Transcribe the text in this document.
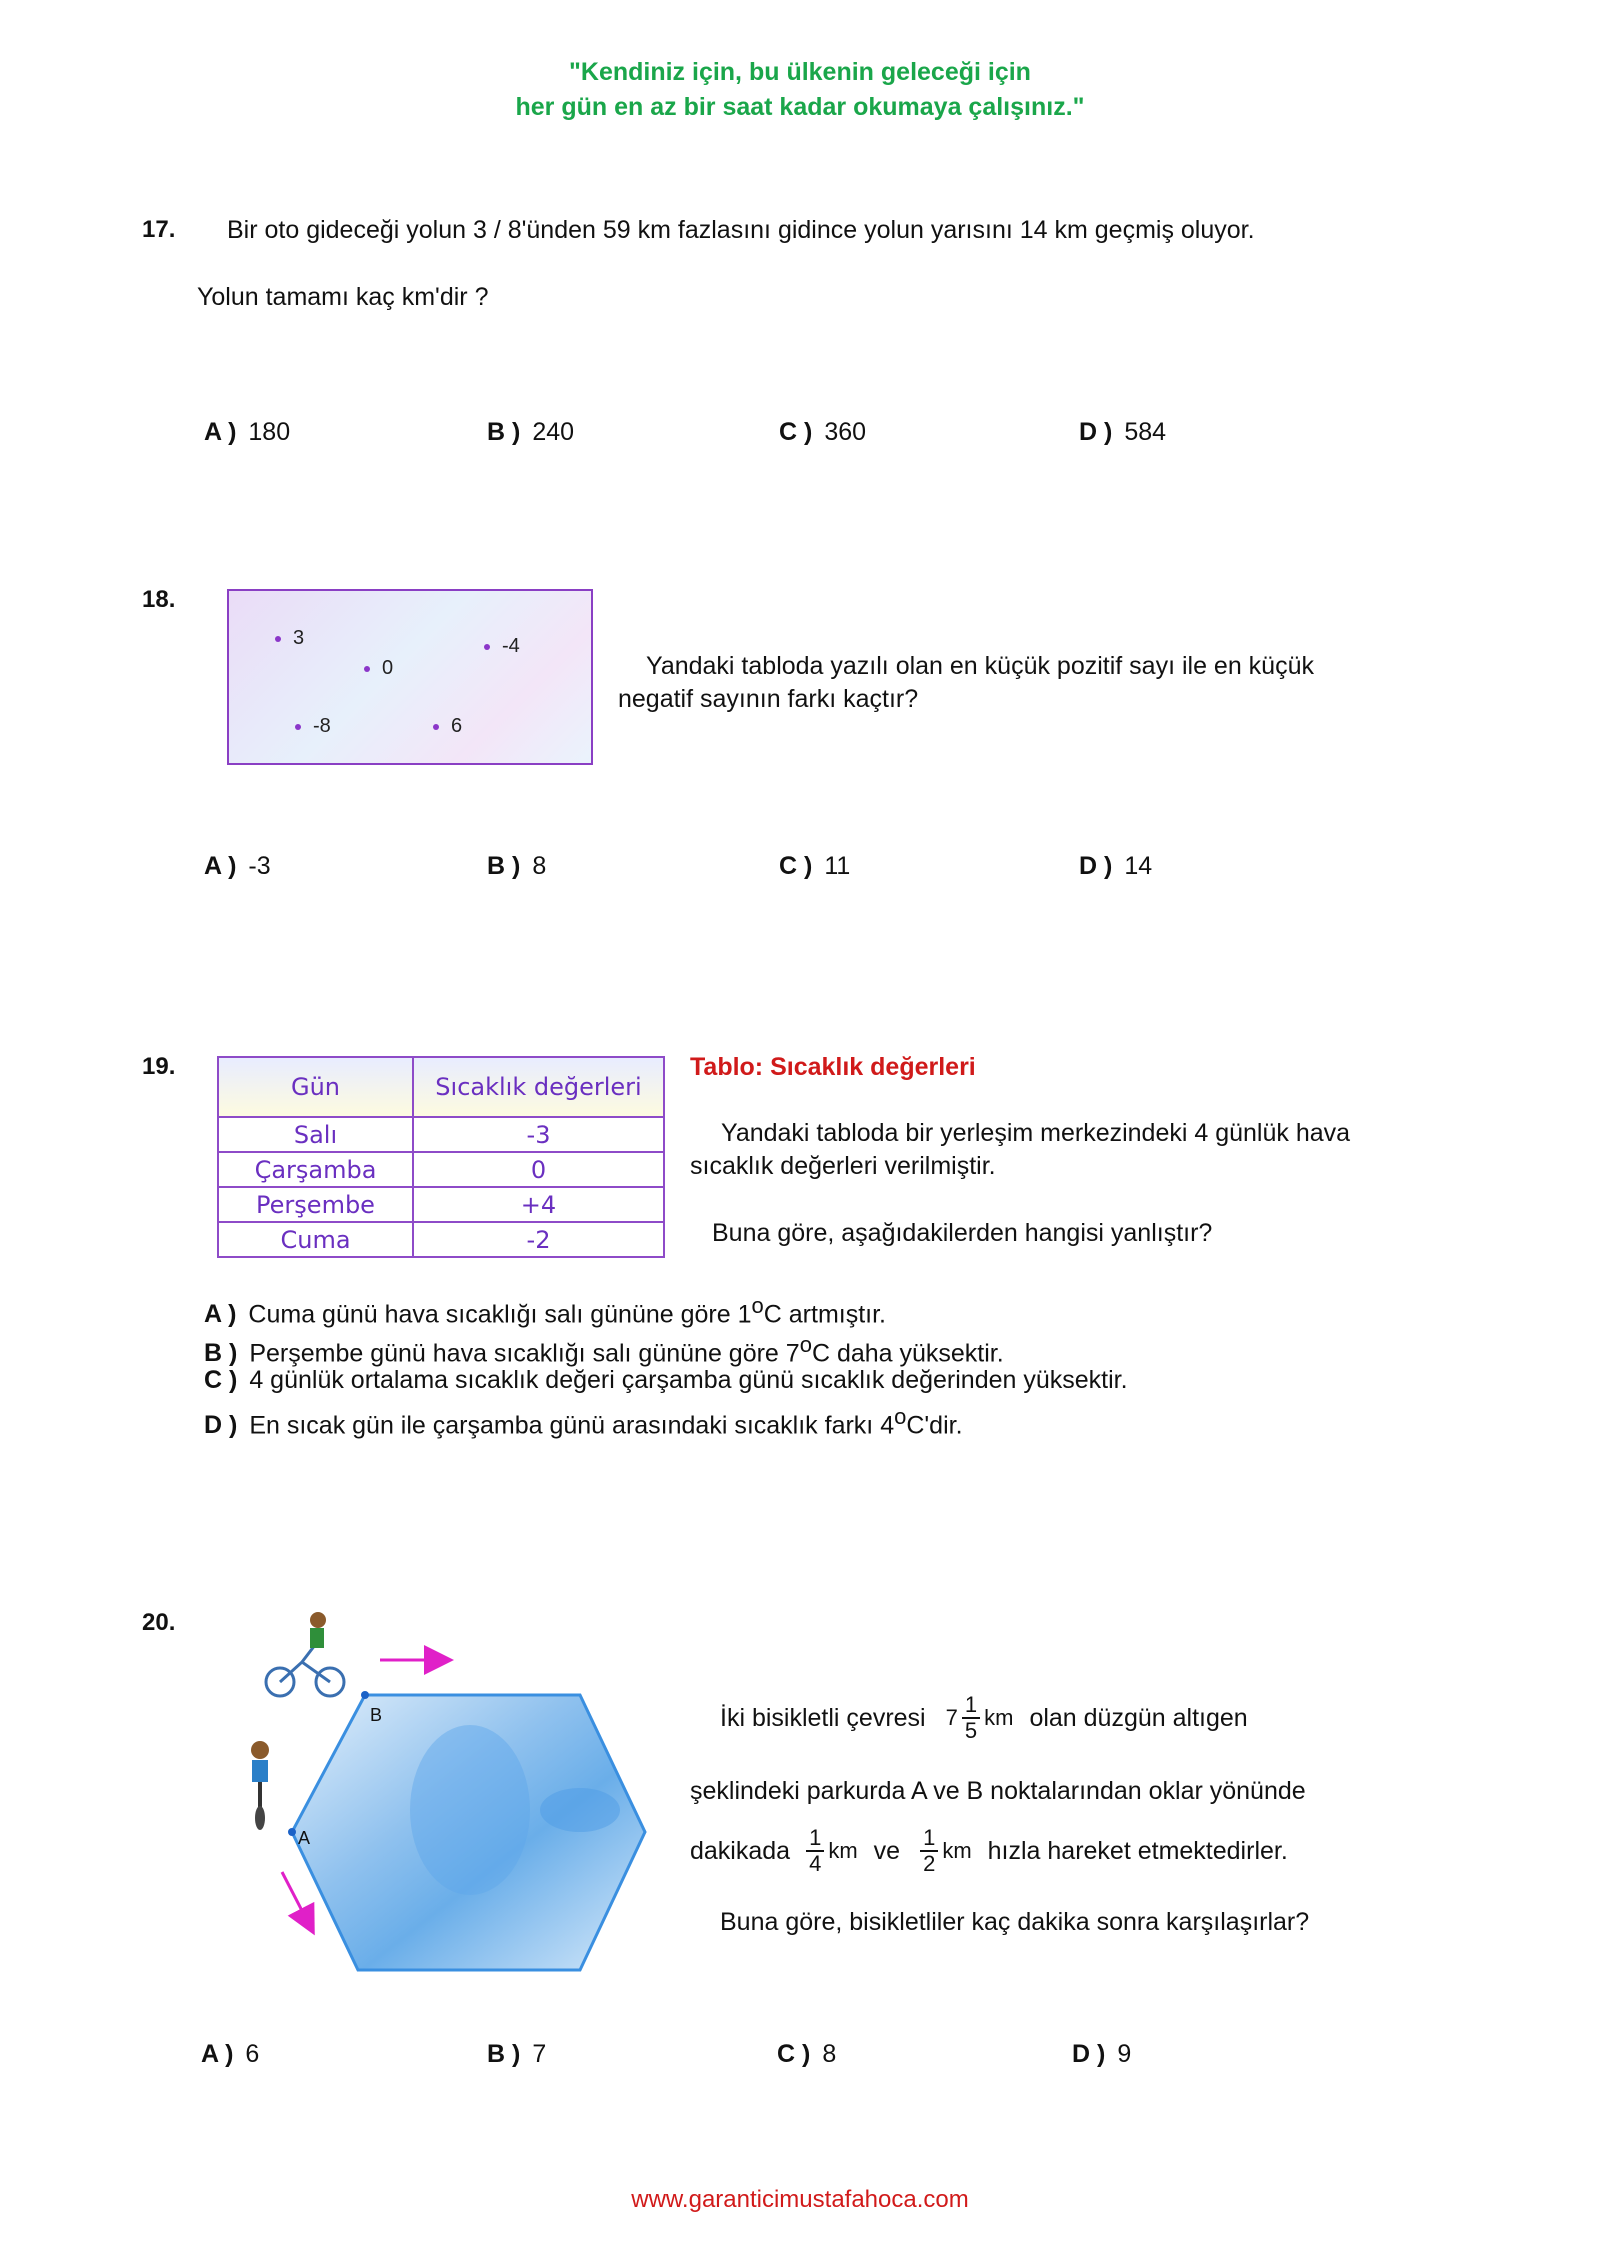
"Kendiniz için, bu ülkenin geleceği için
her gün en az bir saat kadar okumaya çalışınız."
17. Bir oto gideceği yolun 3 / 8'ünden 59 km fazlasını gidince yolun yarısını 14 km geçmiş oluyor.
Yolun tamamı kaç km'dir ?
A ) 180	B ) 240	C ) 360	D ) 584
18.
3
0
-4
-8	6
Yandaki tabloda yazılı olan en küçük pozitif sayı ile en küçük
negatif sayının farkı kaçtır?
A ) -3	B ) 8	C ) 11	D ) 14
19.
Gün	Sıcaklık değerleri
Salı	-3
Çarşamba	0
Perşembe	+4
Cuma	-2
Tablo: Sıcaklık değerleri
Yandaki tabloda bir yerleşim merkezindeki 4 günlük hava
sıcaklık değerleri verilmiştir.
Buna göre, aşağıdakilerden hangisi yanlıştır?
A ) Cuma günü hava sıcaklığı salı gününe göre 1$^o$C artmıştır.
B ) Perşembe günü hava sıcaklığı salı gününe göre 7$^o$C daha yüksektir.
C ) 4 günlük ortalama sıcaklık değeri çarşamba günü sıcaklık değerinden yüksektir.
D ) En sıcak gün ile çarşamba günü arasındaki sıcaklık farkı 4$^o$C'dir.
20.
B
A
İki bisikletli çevresi $7 \frac{1}{5}$ km olan düzgün altıgen
şeklindeki parkurda A ve B noktalarından oklar yönünde
dakikada $\frac{1}{4}$ km ve $\frac{1}{2}$ km hızla hareket etmektedirler.
Buna göre, bisikletliler kaç dakika sonra karşılaşırlar?
A ) 6	B ) 7	C ) 8	D ) 9
www.garanticimustafahoca.com
